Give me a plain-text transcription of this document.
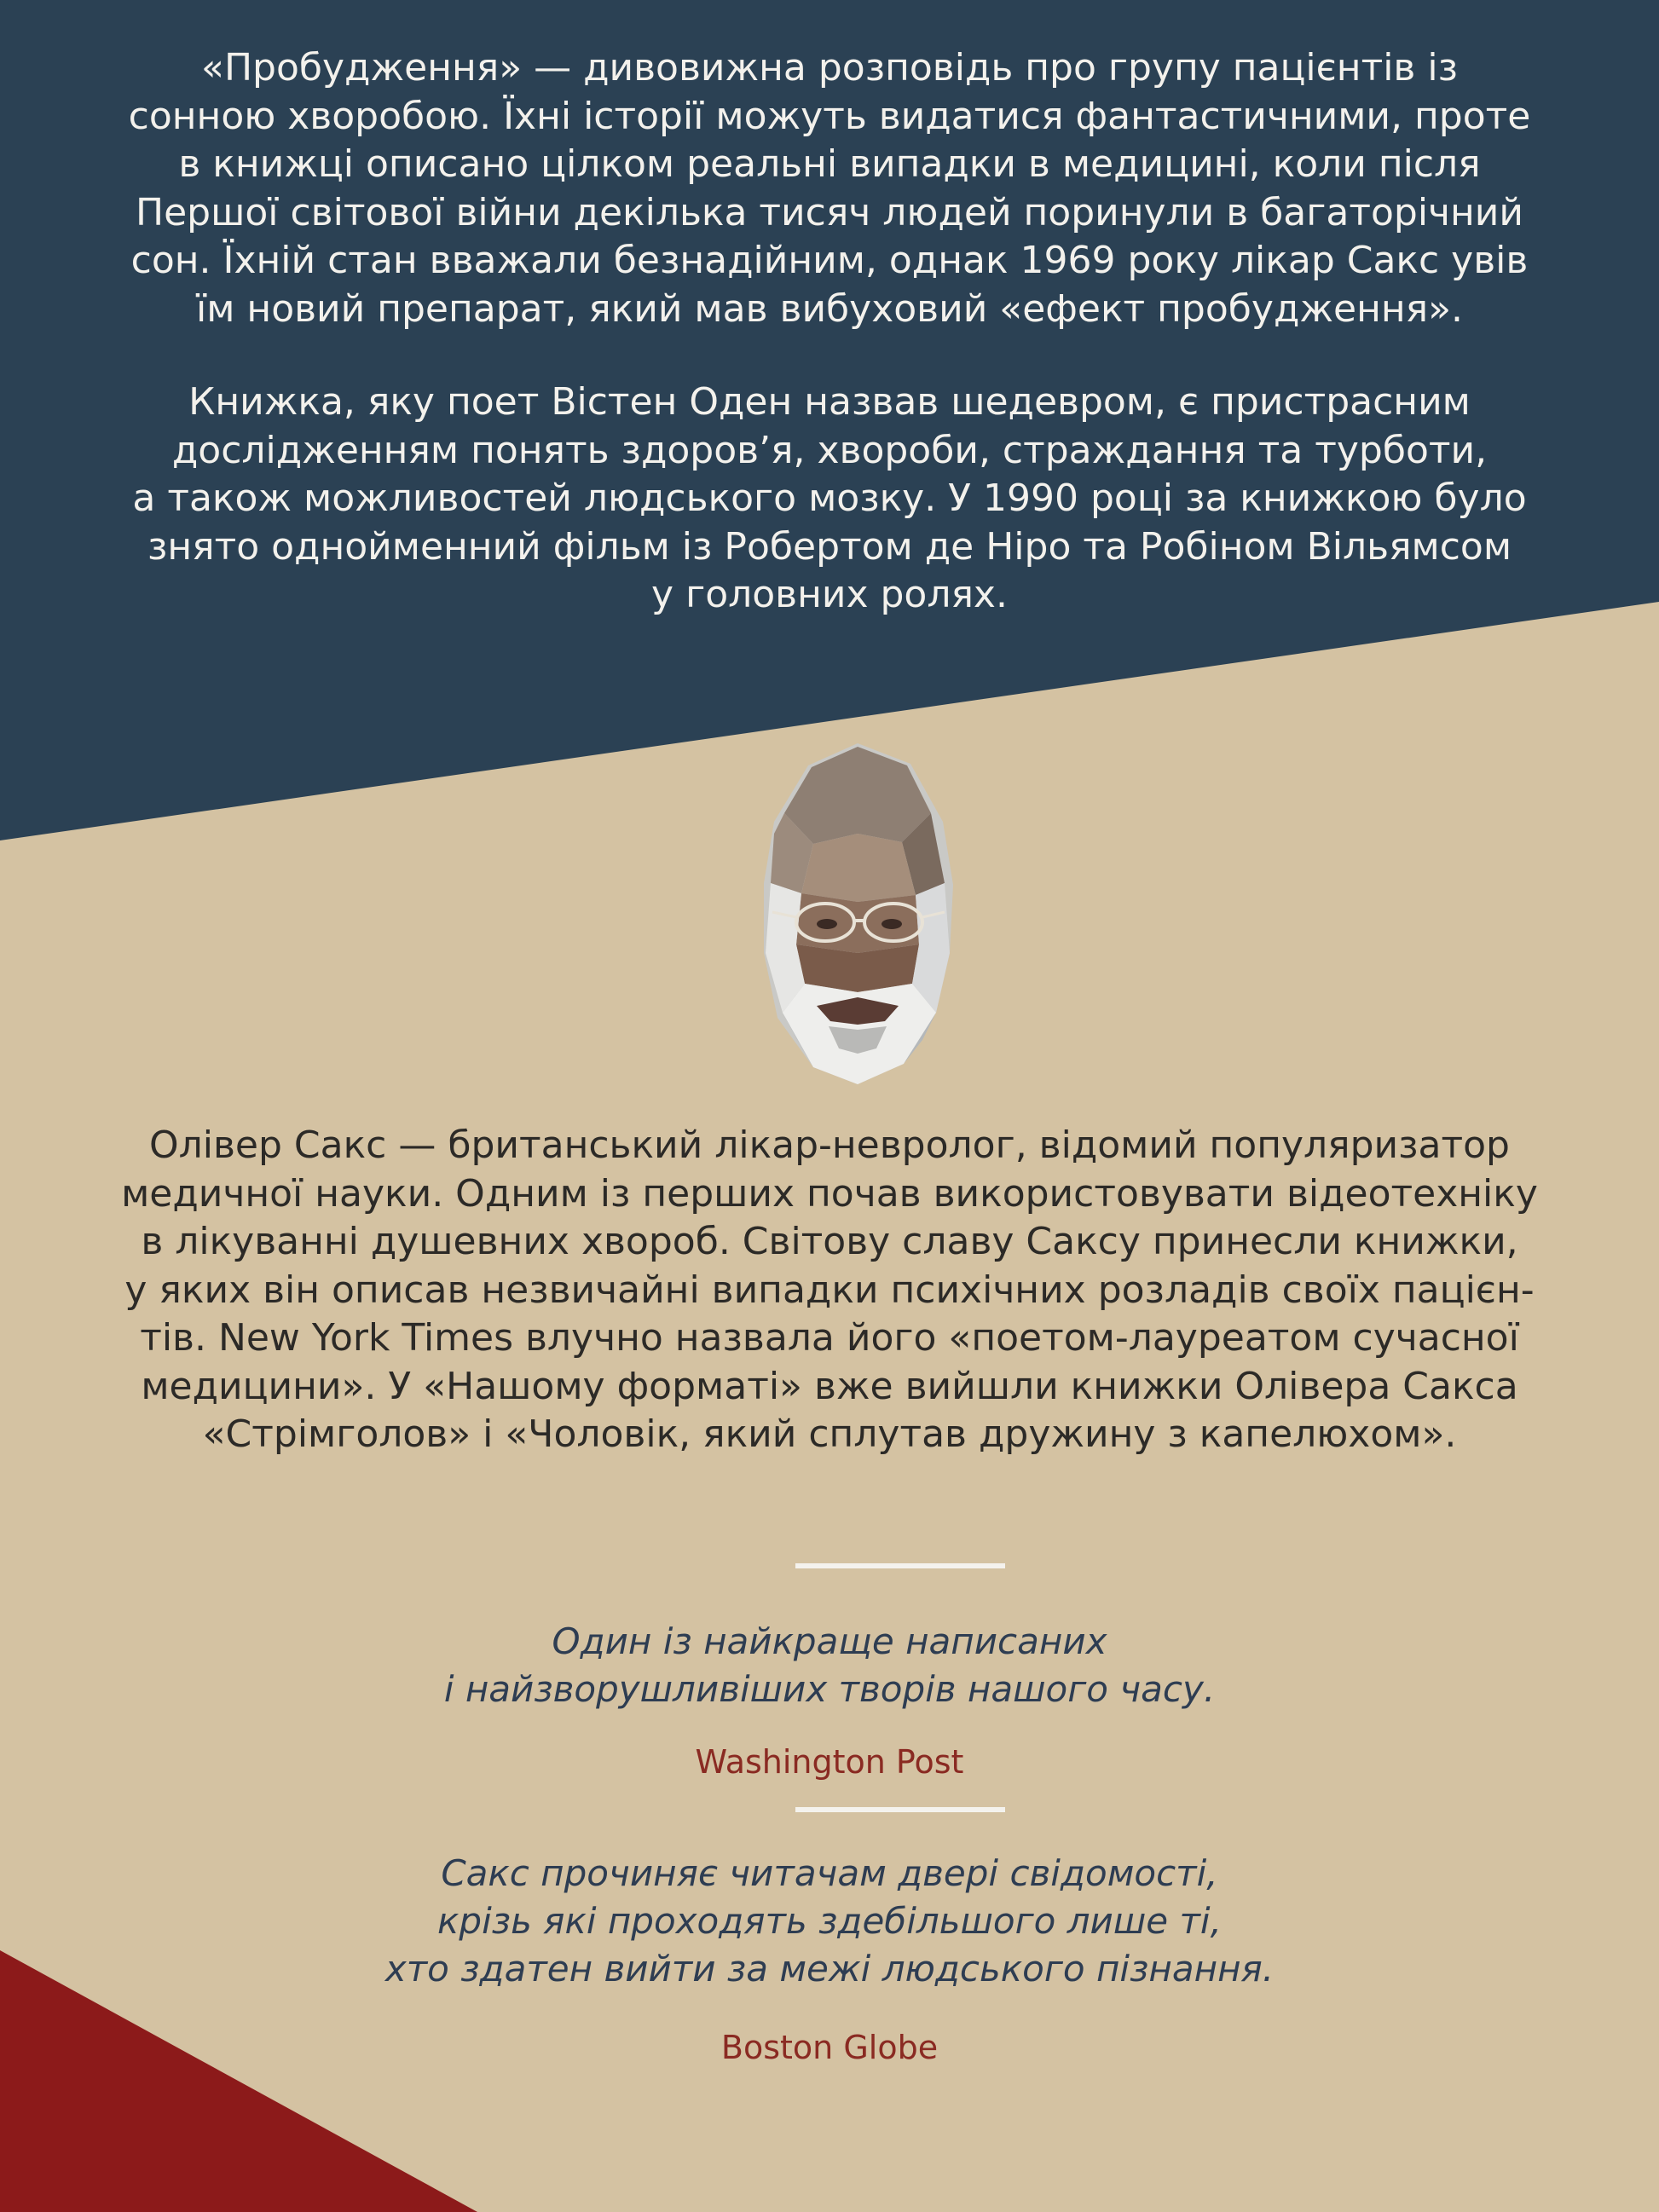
«Пробудження» — дивовижна розповідь про групу пацієнтів із
сонною хворобою. Їхні історії можуть видатися фантастичними, проте
в книжці описано цілком реальні випадки в медицині, коли після
Першої світової війни декілька тисяч людей поринули в багаторічний
сон. Їхній стан вважали безнадійним, однак 1969 року лікар Сакс увів
їм новий препарат, який мав вибуховий «ефект пробудження».
Книжка, яку поет Вістен Оден назвав шедевром, є пристрасним
дослідженням понять здоров’я, хвороби, страждання та турботи,
а також можливостей людського мозку. У 1990 році за книжкою було
знято однойменний фільм із Робертом де Ніро та Робіном Вільямсом
у головних ролях.
Олівер Сакс — британський лікар-невролог, відомий популяризатор
медичної науки. Одним із перших почав використовувати відеотехніку
в лікуванні душевних хвороб. Світову славу Саксу принесли книжки,
у яких він описав незвичайні випадки психічних розладів своїх пацієн-
тів. New York Times влучно назвала його «поетом-лауреатом сучасної
медицини». У «Нашому форматі» вже вийшли книжки Олівера Сакса
«Стрімголов» і «Чоловік, який сплутав дружину з капелюхом».
Один із найкраще написаних
і найзворушливіших творів нашого часу.

Washington Post

Сакс прочиняє читачам двері свідомості,
крізь які проходять здебільшого лише ті,
хто здатен вийти за межі людського пізнання.

Boston Globe
